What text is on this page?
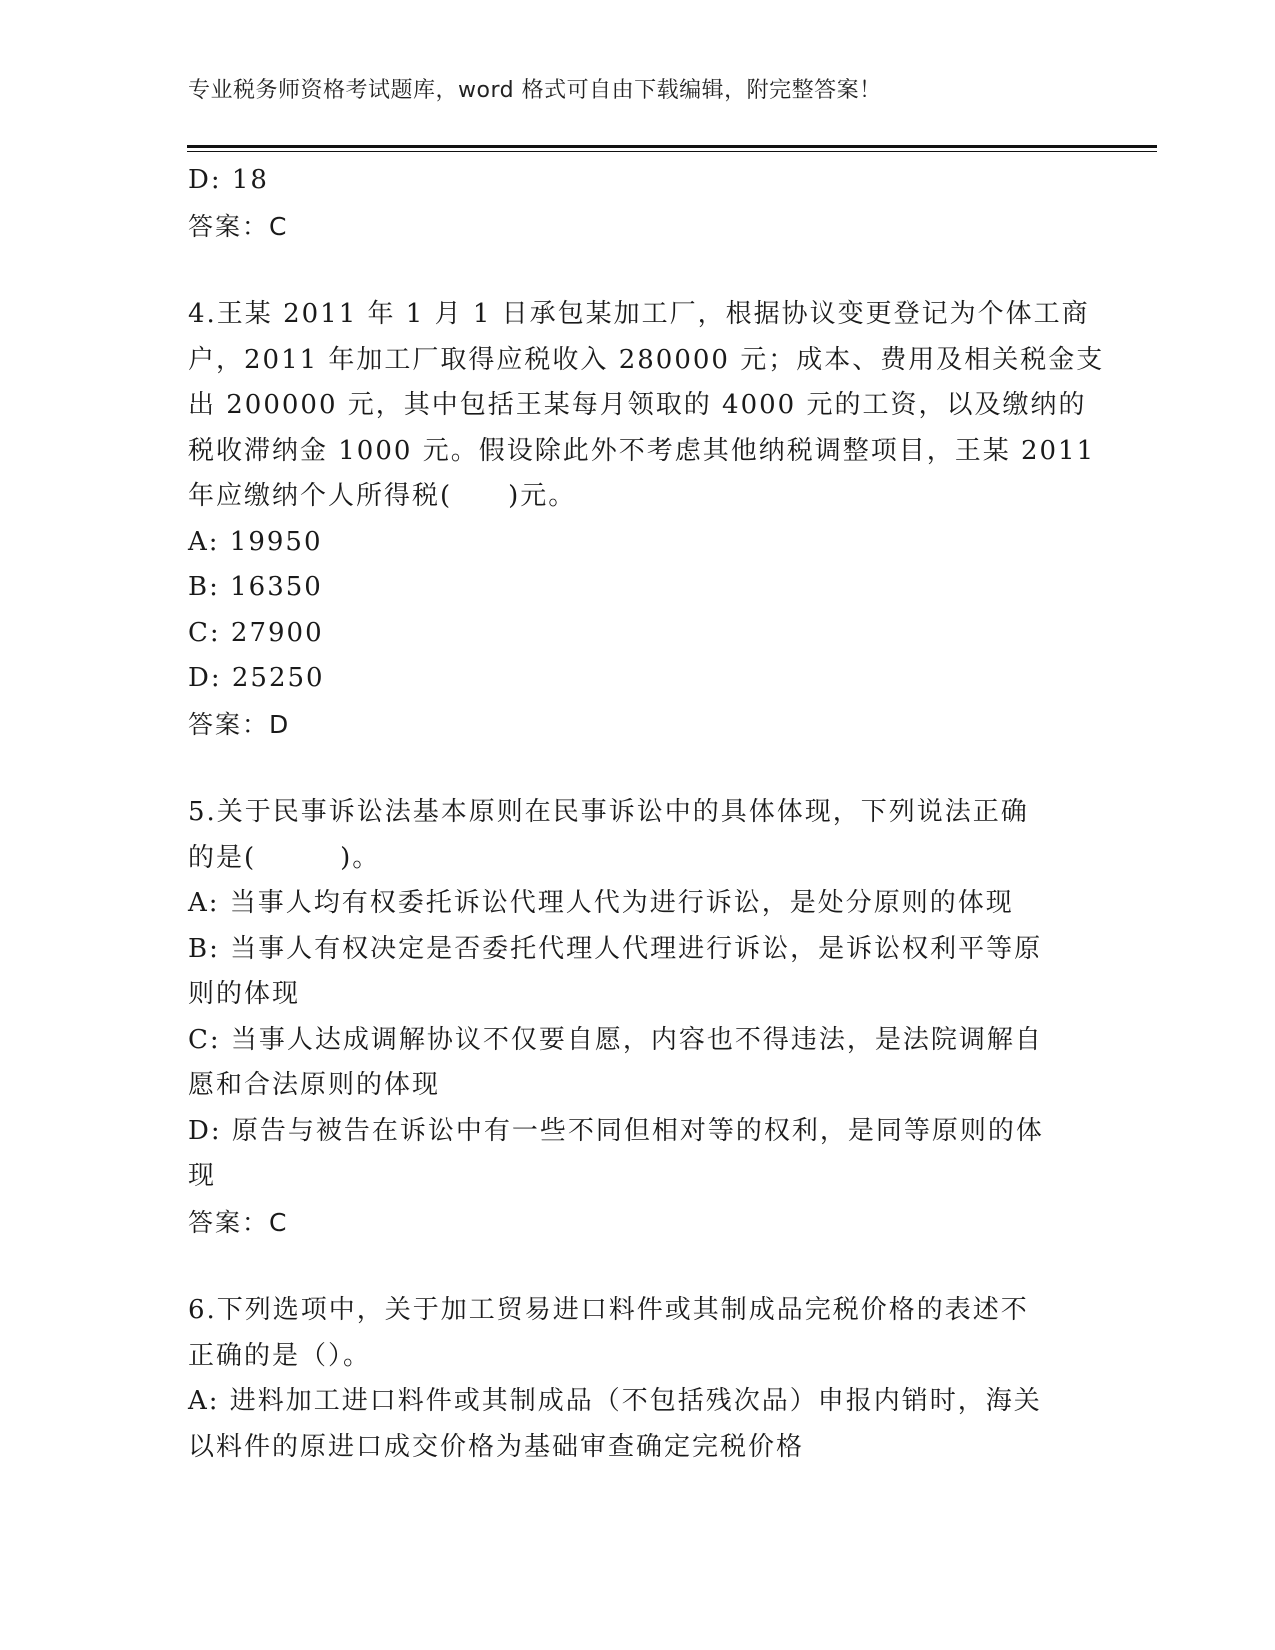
专业税务师资格考试题库，word 格式可自由下载编辑，附完整答案！
D: 18
答案：C
4.王某 2011 年 1 月 1 日承包某加工厂，根据协议变更登记为个体工商
户，2011 年加工厂取得应税收入 280000 元；成本、费用及相关税金支
出 200000 元，其中包括王某每月领取的 4000 元的工资，以及缴纳的
税收滞纳金 1000 元。假设除此外不考虑其他纳税调整项目，王某 2011
年应缴纳个人所得税(　　)元。
A: 19950
B: 16350
C: 27900
D: 25250
答案：D
5.关于民事诉讼法基本原则在民事诉讼中的具体体现，下列说法正确
的是(　　　)。
A: 当事人均有权委托诉讼代理人代为进行诉讼，是处分原则的体现
B: 当事人有权决定是否委托代理人代理进行诉讼，是诉讼权利平等原
则的体现
C: 当事人达成调解协议不仅要自愿，内容也不得违法，是法院调解自
愿和合法原则的体现
D: 原告与被告在诉讼中有一些不同但相对等的权利，是同等原则的体
现
答案：C
6.下列选项中，关于加工贸易进口料件或其制成品完税价格的表述不
正确的是（）。
A: 进料加工进口料件或其制成品（不包括残次品）申报内销时，海关
以料件的原进口成交价格为基础审查确定完税价格
